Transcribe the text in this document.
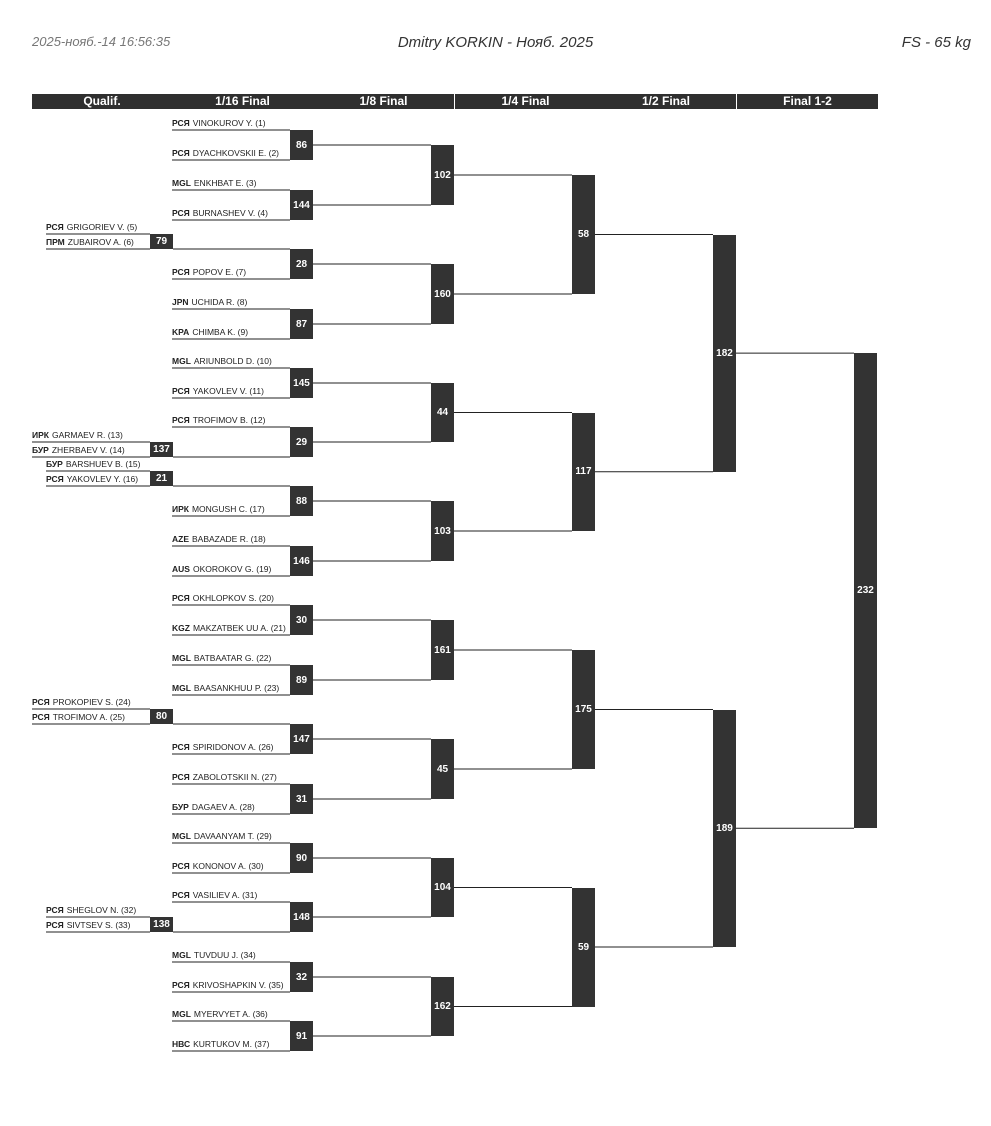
2025-нояб.-14 16:56:35	Dmitry KORKIN - Нояб. 2025	FS - 65 kg
Qualif.	1/16 Final	1/8 Final	1/4 Final	1/2 Final	Final 1-2
РСЯ VINOKUROV Y. (1)
РСЯ DYACHKOVSKII E. (2)
86
MGL ENKHBAT E. (3)
РСЯ BURNASHEV V. (4)
144
РСЯ POPOV E. (7)
28
JPN UCHIDA R. (8)
KPA CHIMBA K. (9)
87
MGL ARIUNBOLD D. (10)
РСЯ YAKOVLEV V. (11)
145
РСЯ TROFIMOV B. (12)
29
ИРК MONGUSH C. (17)
88
AZE BABAZADE R. (18)
AUS OKOROKOV G. (19)
146
РСЯ OKHLOPKOV S. (20)
KGZ MAKZATBEK UU A. (21)
30
MGL BATBAATAR G. (22)
MGL BAASANKHUU P. (23)
89
РСЯ SPIRIDONOV A. (26)
147
РСЯ ZABOLOTSKII N. (27)
БУР DAGAEV A. (28)
31
MGL DAVAANYAM T. (29)
РСЯ KONONOV A. (30)
90
РСЯ VASILIEV A. (31)
148
MGL TUVDUU J. (34)
РСЯ KRIVOSHAPKIN V. (35)
32
MGL MYERVYET A. (36)
НВС KURTUKOV M. (37)
91
РСЯ GRIGORIEV V. (5)
ПРМ ZUBAIROV A. (6)	79
ИРК GARMAEV R. (13)
БУР ZHERBAEV V. (14)	137
БУР BARSHUEV B. (15)
РСЯ YAKOVLEV Y. (16)	21
РСЯ PROKOPIEV S. (24)
РСЯ TROFIMOV A. (25)	80
РСЯ SHEGLOV N. (32)
РСЯ SIVTSEV S. (33)	138
102
160
44
103
161
45
104
162
58
117
175
59
182
189
232
